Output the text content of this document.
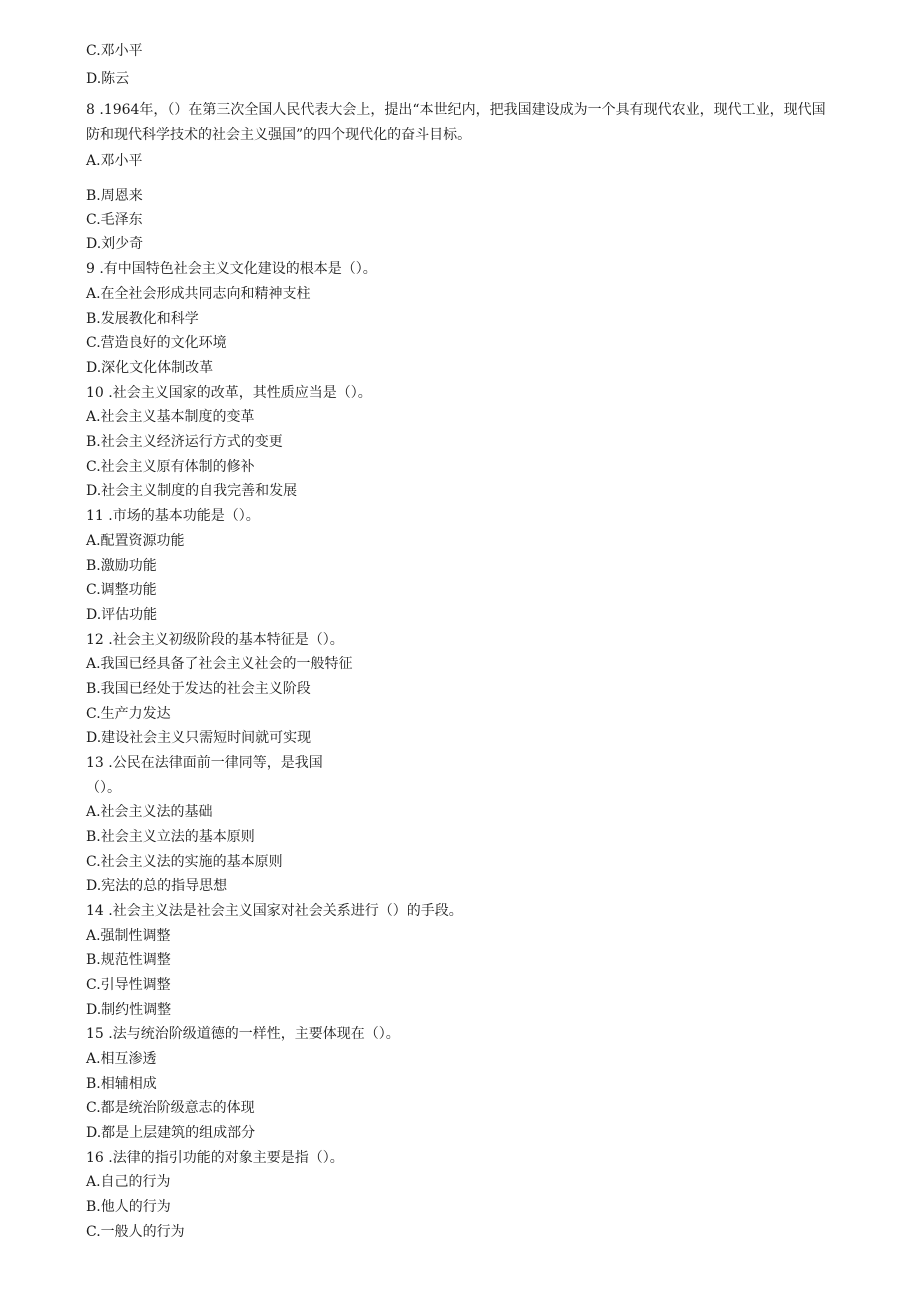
C.邓小平
D.陈云
8 .1964年，（）在第三次全国人民代表大会上，提出“本世纪内，把我国建设成为一个具有现代农业，现代工业，现代国防和现代科学技术的社会主义强国”的四个现代化的奋斗目标。
A.邓小平
B.周恩来
C.毛泽东
D.刘少奇
9 .有中国特色社会主义文化建设的根本是（）。
A.在全社会形成共同志向和精神支柱
B.发展教化和科学
C.营造良好的文化环境
D.深化文化体制改革
10 .社会主义国家的改革，其性质应当是（）。
A.社会主义基本制度的变革
B.社会主义经济运行方式的变更
C.社会主义原有体制的修补
D.社会主义制度的自我完善和发展
11 .市场的基本功能是（）。
A.配置资源功能
B.激励功能
C.调整功能
D.评估功能
12 .社会主义初级阶段的基本特征是（）。
A.我国已经具备了社会主义社会的一般特征
B.我国已经处于发达的社会主义阶段
C.生产力发达
D.建设社会主义只需短时间就可实现
13 .公民在法律面前一律同等，是我国
（）。
A.社会主义法的基础
B.社会主义立法的基本原则
C.社会主义法的实施的基本原则
D.宪法的总的指导思想
14 .社会主义法是社会主义国家对社会关系进行（）的手段。
A.强制性调整
B.规范性调整
C.引导性调整
D.制约性调整
15 .法与统治阶级道德的一样性，主要体现在（）。
A.相互渗透
B.相辅相成
C.都是统治阶级意志的体现
D.都是上层建筑的组成部分
16 .法律的指引功能的对象主要是指（）。
A.自己的行为
B.他人的行为
C.一般人的行为
